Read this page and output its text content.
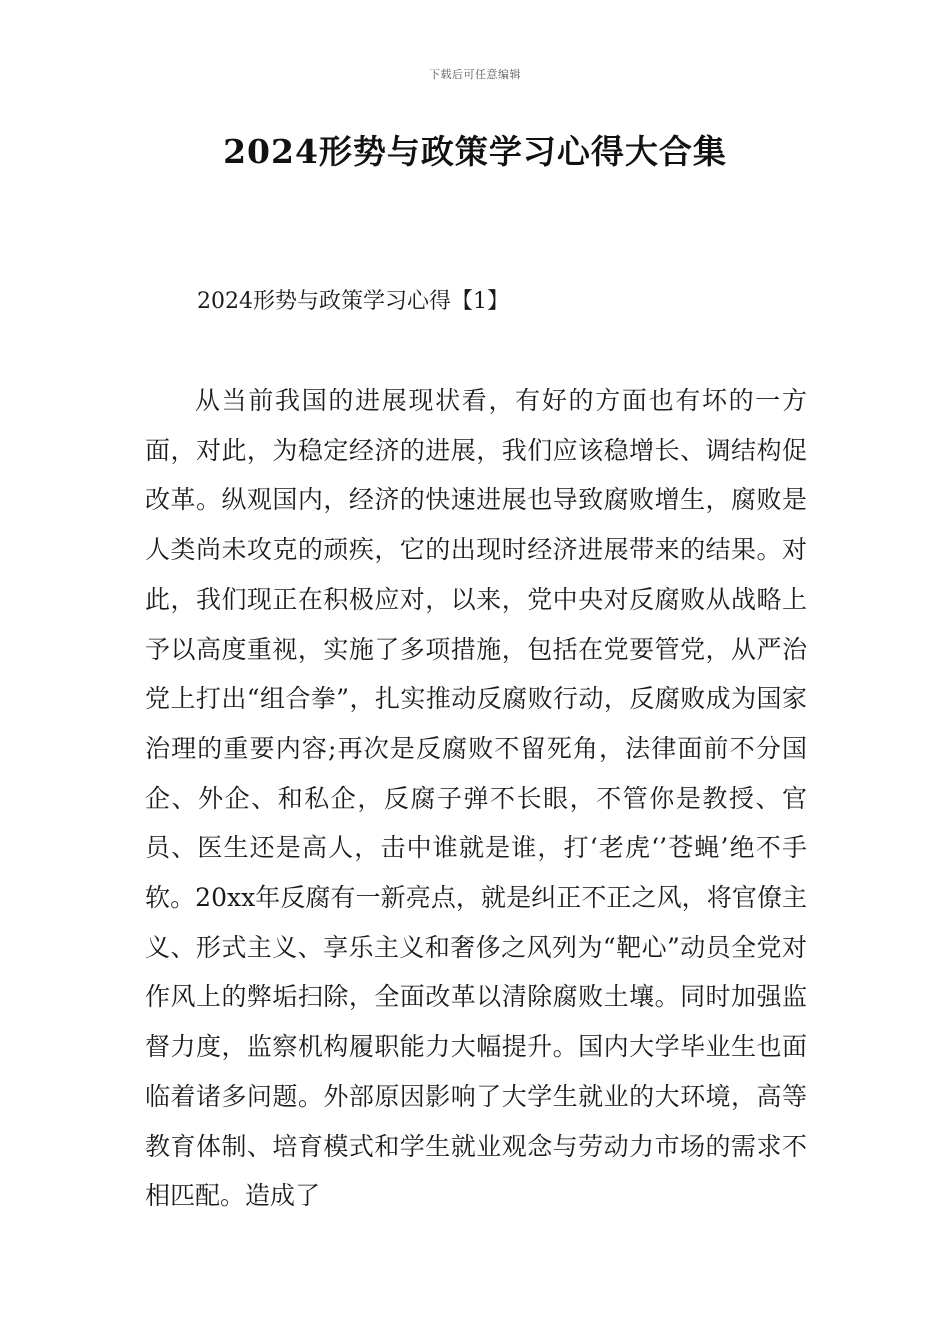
下载后可任意编辑
2024形势与政策学习心得大合集
2024形势与政策学习心得【1】

从当前我国的进展现状看，有好的方面也有坏的一方面，对此，为稳定经济的进展，我们应该稳增长、调结构促改革。纵观国内，经济的快速进展也导致腐败增生，腐败是人类尚未攻克的顽疾，它的出现时经济进展带来的结果。对此，我们现正在积极应对，以来，党中央对反腐败从战略上予以高度重视，实施了多项措施，包括在党要管党，从严治党上打出“组合拳”，扎实推动反腐败行动，反腐败成为国家治理的重要内容;再次是反腐败不留死角，法律面前不分国企、外企、和私企，反腐子弹不长眼，不管你是教授、官员、医生还是高人，击中谁就是谁，打‘老虎‘’苍蝇’绝不手软。20xx年反腐有一新亮点，就是纠正不正之风，将官僚主义、形式主义、享乐主义和奢侈之风列为“靶心”动员全党对作风上的弊垢扫除，全面改革以清除腐败土壤。同时加强监督力度，监察机构履职能力大幅提升。国内大学毕业生也面临着诸多问题。外部原因影响了大学生就业的大环境，高等教育体制、培育模式和学生就业观念与劳动力市场的需求不相匹配。造成了
